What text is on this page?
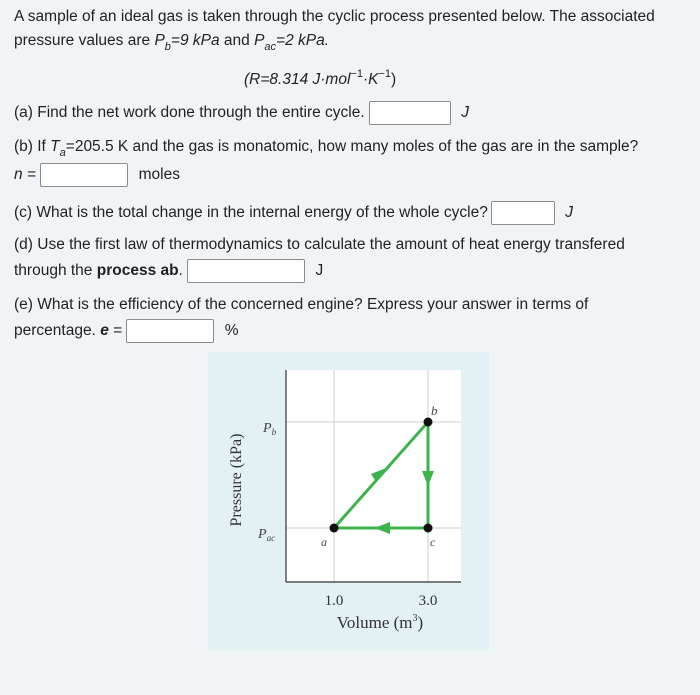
A sample of an ideal gas is taken through the cyclic process presented below. The associated
pressure values are $P_b=9$ kPa and $P_{ac}=2$ kPa.
(R=8.314 $J\cdot mol^{-1}\cdot K^{-1}$)
(a) Find the net work done through the entire cycle.	J
(b) If $T_a=205.5$ K and the gas is monatomic, how many moles of the gas are in the sample?
n =	moles
(c) What is the total change in the internal energy of the whole cycle?	J
(d) Use the first law of thermodynamics to calculate the amount of heat energy transfered
through the process ab.	J
(e) What is the efficiency of the concerned engine? Express your answer in terms of
percentage. e =	%
a
b
c
$P_b$
$P_{ac}$
Pressure (kPa)
1.0	3.0
Volume $(m^3)$
